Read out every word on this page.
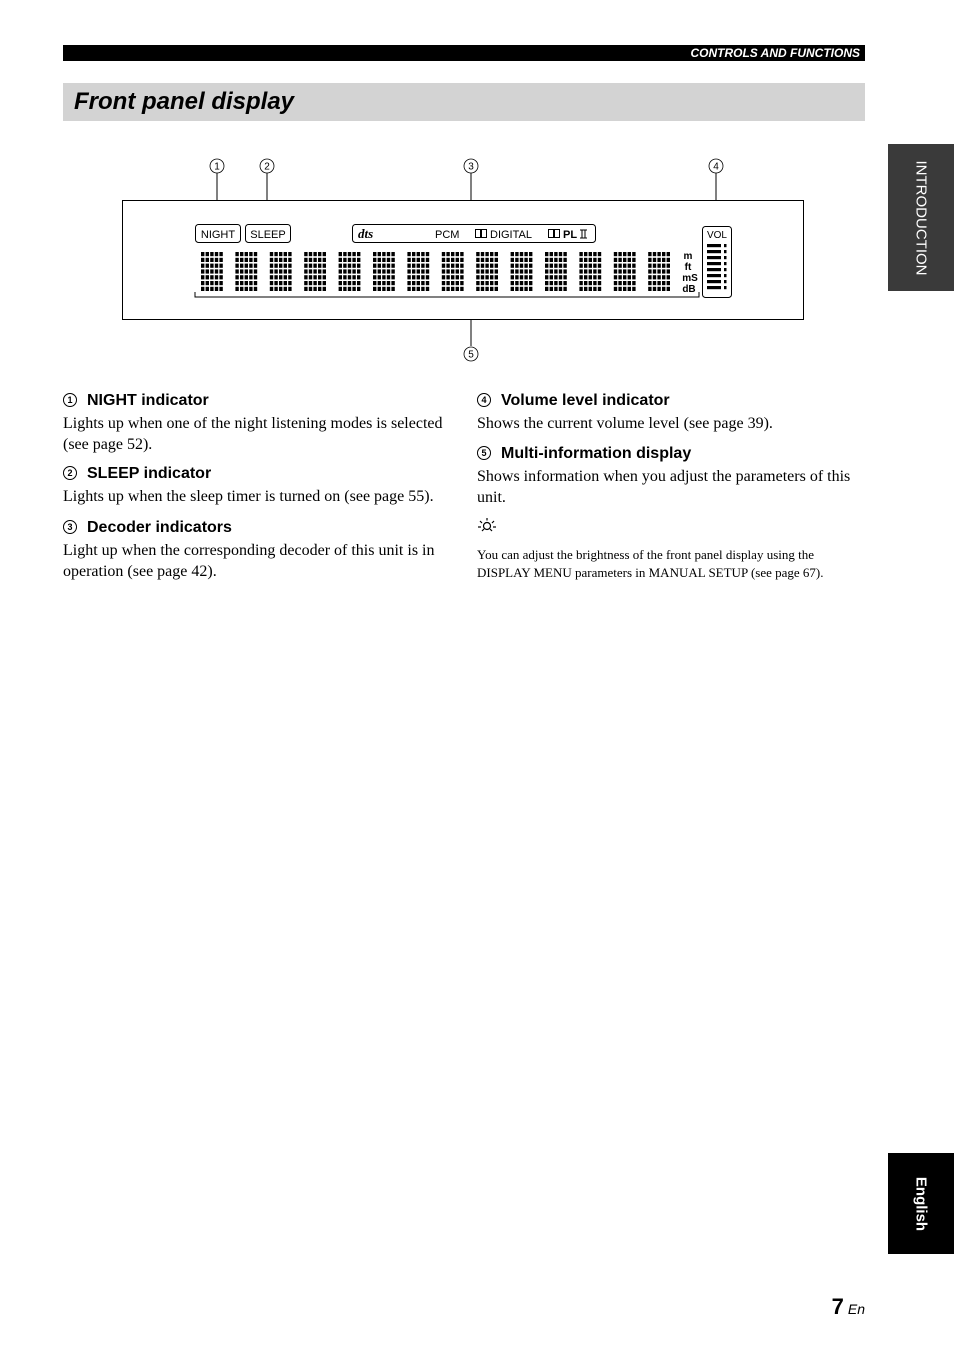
CONTROLS AND FUNCTIONS
Front panel display
INTRODUCTION
English
1	2	3	4
5
NIGHT SLEEP	dts	PCM	DIGITAL	PL
m
ft
mS
dB
VOL
1 NIGHT indicator

Lights up when one of the night listening modes is selected (see page 52).

2 SLEEP indicator

Lights up when the sleep timer is turned on (see page 55).

3 Decoder indicators

Light up when the corresponding decoder of this unit is in operation (see page 42).

4 Volume level indicator

Shows the current volume level (see page 39).

5 Multi-information display

Shows information when you adjust the parameters of this unit.

You can adjust the brightness of the front panel display using the DISPLAY MENU parameters in MANUAL SETUP (see page 67).

7 En
